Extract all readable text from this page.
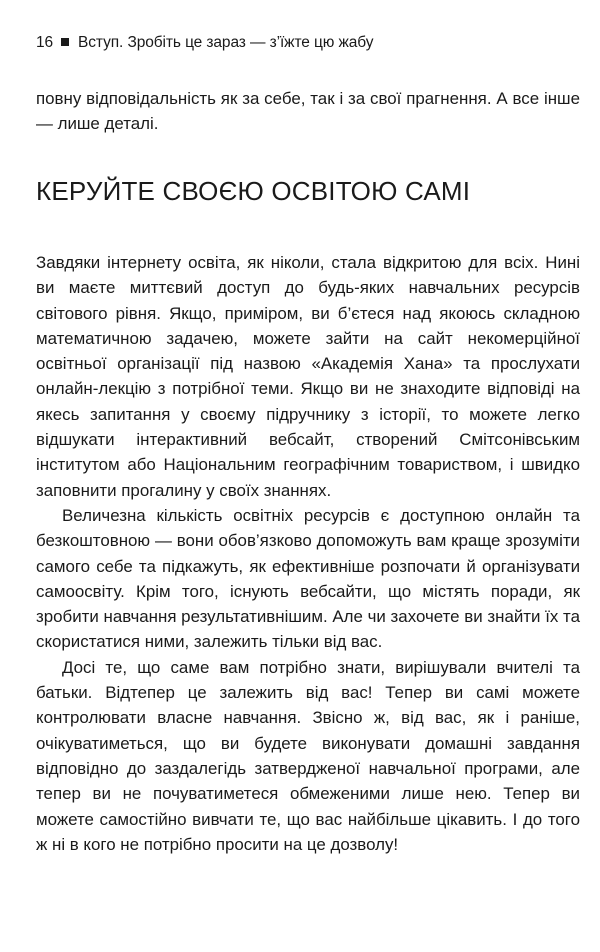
16 Вступ. Зробіть це зараз — з’їжте цю жабу

повну відповідальність як за себе, так і за свої прагнення. А все інше — лише деталі.

КЕРУЙТЕ СВОЄЮ ОСВІТОЮ САМІ

Завдяки інтернету освіта, як ніколи, стала відкритою для всіх. Нині ви маєте миттєвий доступ до будь-яких навчальних ресурсів світового рівня. Якщо, приміром, ви б’єтеся над якоюсь складною математичною задачею, можете зайти на сайт некомерційної освітньої організації під назвою «Академія Хана» та прослухати онлайн-лекцію з потрібної теми. Якщо ви не знаходите відповіді на якесь запитання у своєму підручнику з історії, то можете легко відшукати інтерактивний вебсайт, створений Смітсонівським інститутом або Національним географічним товариством, і швидко заповнити прогалину у своїх знаннях.

Величезна кількість освітніх ресурсів є доступною онлайн та безкоштовною — вони обов’язково допоможуть вам краще зрозуміти самого себе та підкажуть, як ефективніше розпочати й організувати самоосвіту. Крім того, існують вебсайти, що містять поради, як зробити навчання результативнішим. Але чи захочете ви знайти їх та скористатися ними, залежить тільки від вас.

Досі те, що саме вам потрібно знати, вирішували вчителі та батьки. Відтепер це залежить від вас! Тепер ви самі можете контролювати власне навчання. Звісно ж, від вас, як і раніше, очікуватиметься, що ви будете виконувати домашні завдання відповідно до заздалегідь затвердженої навчальної програми, але тепер ви не почуватиметеся обмеженими лише нею. Тепер ви можете самостійно вивчати те, що вас найбільше цікавить. І до того ж ні в кого не потрібно просити на це дозволу!
